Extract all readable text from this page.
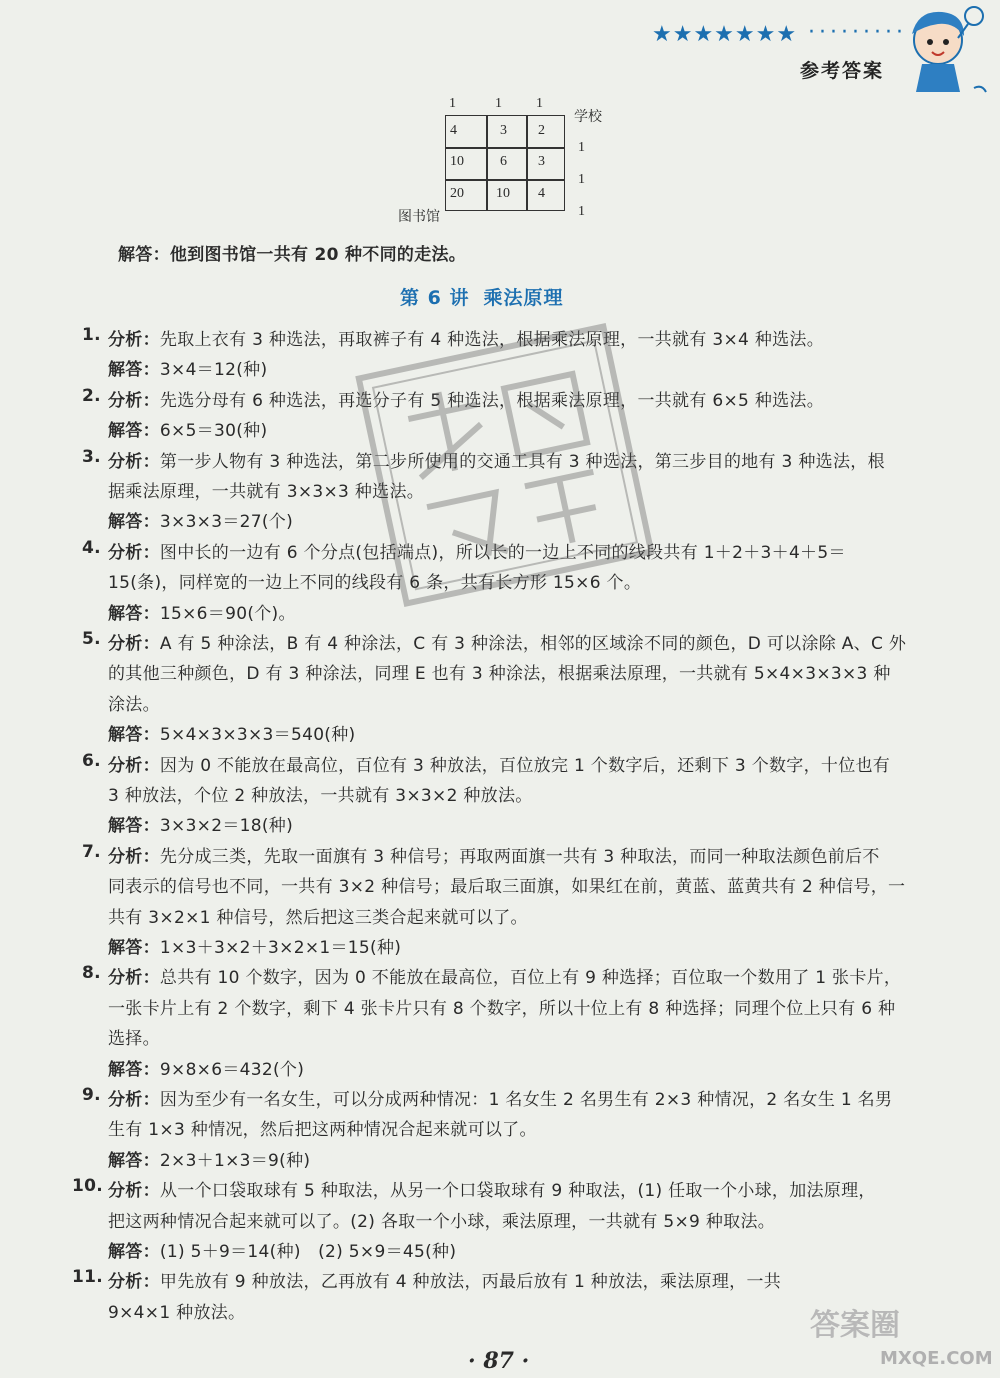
★★★★★★★ ·········
参考答案
1	1 1
学校
1
1
1
图书馆
4	3 2
10	6 3
20 10 4
解答：他到图书馆一共有 20 种不同的走法。
第 6 讲 乘法原理
1. 分析：先取上衣有 3 种选法，再取裤子有 4 种选法，根据乘法原理，一共就有 3×4 种选法。
解答：3×4＝12(种)
2. 分析：先选分母有 6 种选法，再选分子有 5 种选法，根据乘法原理，一共就有 6×5 种选法。
解答：6×5＝30(种)
3. 分析：第一步人物有 3 种选法，第二步所使用的交通工具有 3 种选法，第三步目的地有 3 种选法，根
据乘法原理，一共就有 3×3×3 种选法。
解答：3×3×3＝27(个)
4. 分析：图中长的一边有 6 个分点(包括端点)，所以长的一边上不同的线段共有 1＋2＋3＋4＋5＝
15(条)，同样宽的一边上不同的线段有 6 条，共有长方形 15×6 个。
解答：15×6＝90(个)。
5. 分析：A 有 5 种涂法，B 有 4 种涂法，C 有 3 种涂法，相邻的区域涂不同的颜色，D 可以涂除 A、C 外
的其他三种颜色，D 有 3 种涂法，同理 E 也有 3 种涂法，根据乘法原理，一共就有 5×4×3×3×3 种
涂法。
解答：5×4×3×3×3＝540(种)
6. 分析：因为 0 不能放在最高位，百位有 3 种放法，百位放完 1 个数字后，还剩下 3 个数字，十位也有
3 种放法，个位 2 种放法，一共就有 3×3×2 种放法。
解答：3×3×2＝18(种)
7. 分析：先分成三类，先取一面旗有 3 种信号；再取两面旗一共有 3 种取法，而同一种取法颜色前后不
同表示的信号也不同，一共有 3×2 种信号；最后取三面旗，如果红在前，黄蓝、蓝黄共有 2 种信号，一
共有 3×2×1 种信号，然后把这三类合起来就可以了。
解答：1×3＋3×2＋3×2×1＝15(种)
8. 分析：总共有 10 个数字，因为 0 不能放在最高位，百位上有 9 种选择；百位取一个数用了 1 张卡片，
一张卡片上有 2 个数字，剩下 4 张卡片只有 8 个数字，所以十位上有 8 种选择；同理个位上只有 6 种
选择。
解答：9×8×6＝432(个)
9. 分析：因为至少有一名女生，可以分成两种情况：1 名女生 2 名男生有 2×3 种情况，2 名女生 1 名男
生有 1×3 种情况，然后把这两种情况合起来就可以了。
解答：2×3＋1×3＝9(种)
10. 分析：从一个口袋取球有 5 种取法，从另一个口袋取球有 9 种取法，(1) 任取一个小球，加法原理，
把这两种情况合起来就可以了。(2) 各取一个小球，乘法原理，一共就有 5×9 种取法。
解答：(1) 5＋9＝14(种)　(2) 5×9＝45(种)
11. 分析：甲先放有 9 种放法，乙再放有 4 种放法，丙最后放有 1 种放法，乘法原理，一共
9×4×1 种放法。	答案圈
MXQE.COM
· 87 ·
